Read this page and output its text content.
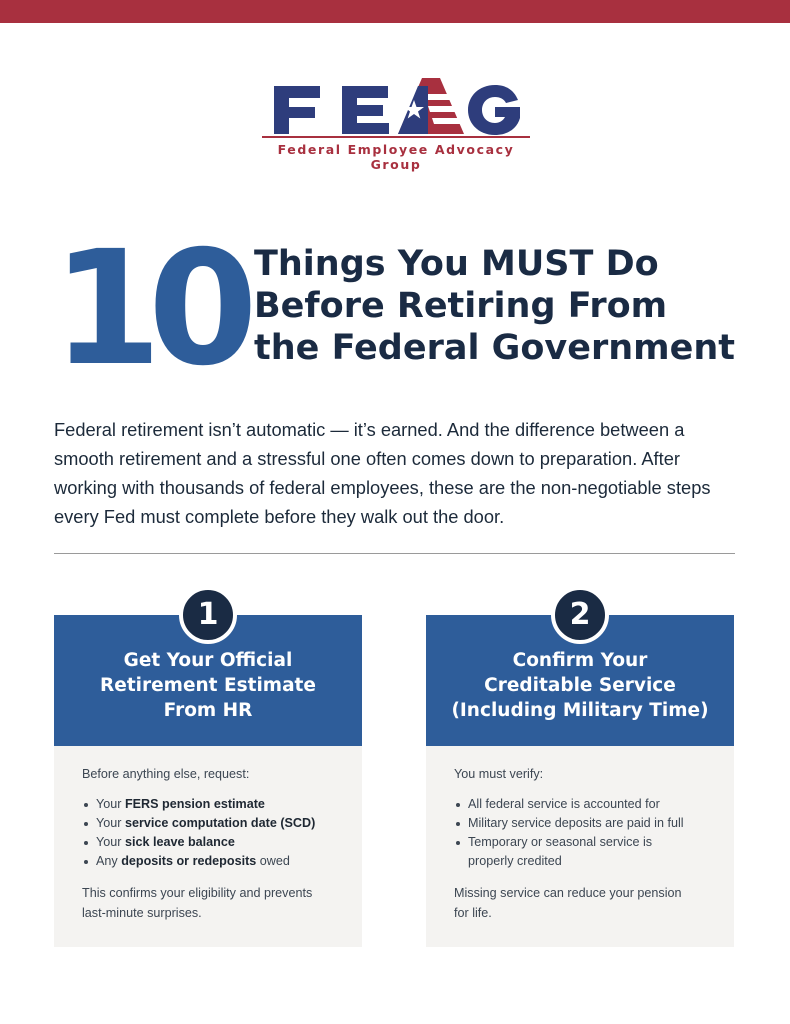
Federal Employee Advocacy Group
10 Things You MUST Do
Before Retiring From
the Federal Government

Federal retirement isn’t automatic — it’s earned. And the difference between a smooth retirement and a stressful one often comes down to preparation. After working with thousands of federal employees, these are the non-negotiable steps every Fed must complete before they walk out the door.

Get Your Official
Retirement Estimate
From HR
1

Before anything else, request:

Your FERS pension estimate
Your service computation date (SCD)
Your sick leave balance
Any deposits or redeposits owed

This confirms your eligibility and prevents
last-minute surprises.

Confirm Your
Creditable Service
(Including Military Time)
2

You must verify:

All federal service is accounted for
Military service deposits are paid in full
Temporary or seasonal service is properly credited

Missing service can reduce your pension
for life.
